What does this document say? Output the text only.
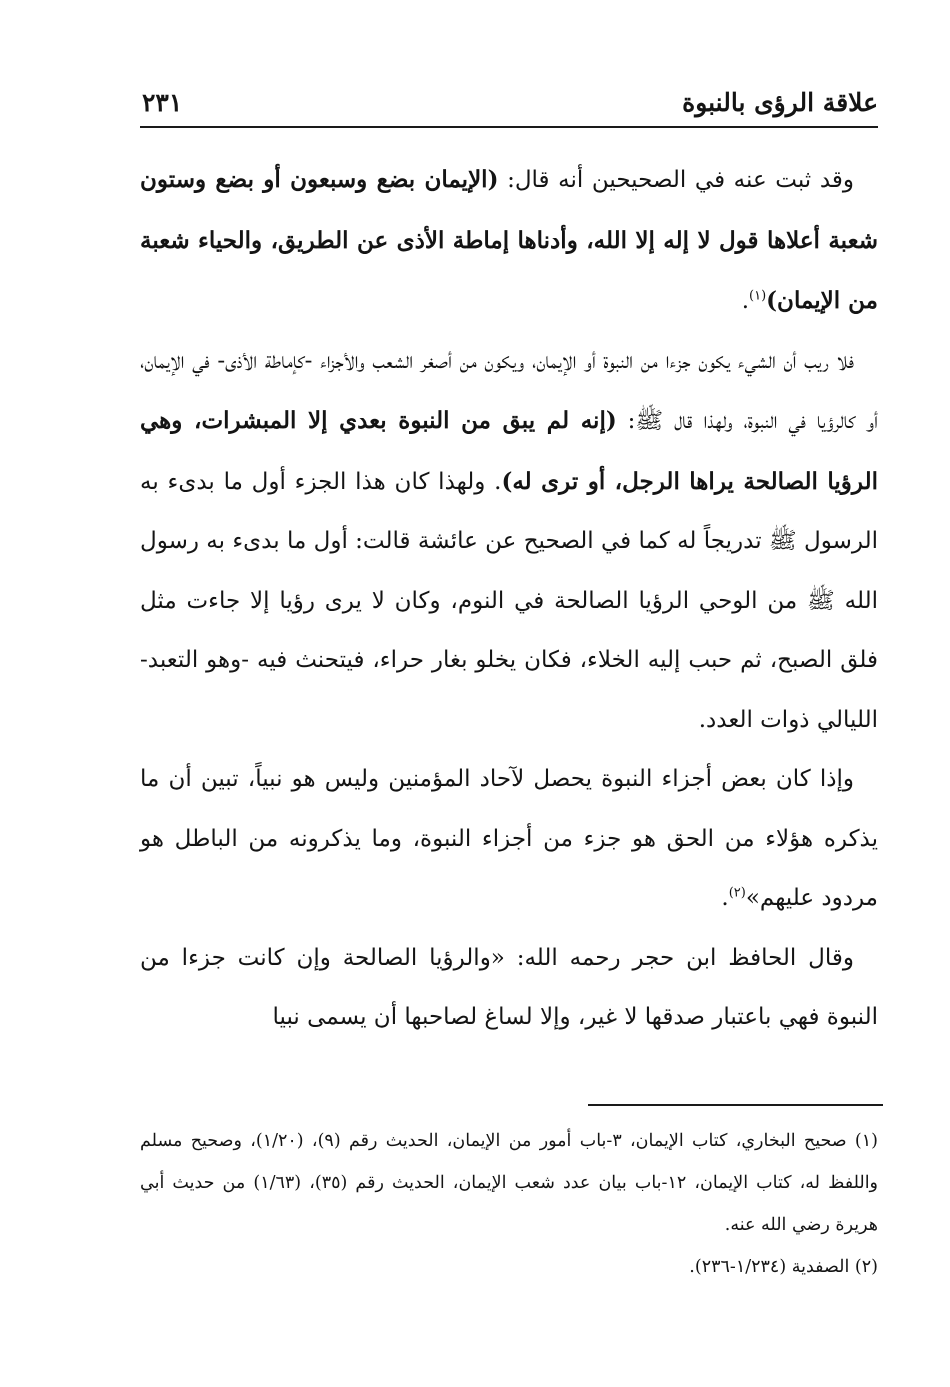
علاقة الرؤى بالنبوة
٢٣١

وقد ثبت عنه في الصحيحين أنه قال: (الإيمان بضع وسبعون أو بضع وستون شعبة أعلاها قول لا إله إلا الله، وأدناها إماطة الأذى عن الطريق، والحياء شعبة من الإيمان)$^{(١)}$.

فلا ريب أن الشيء يكون جزءا من النبوة أو الإيمان، ويكون من أصغر الشعب والأجزاء -كإماطة الأذى- في الإيمان، أو كالرؤيا في النبوة، ولهذا قال ﷺ: (إنه لم يبق من النبوة بعدي إلا المبشرات، وهي الرؤيا الصالحة يراها الرجل، أو ترى له). ولهذا كان هذا الجزء أول ما بدىء به الرسول ﷺ تدريجاً له كما في الصحيح عن عائشة قالت: أول ما بدىء به رسول الله ﷺ من الوحي الرؤيا الصالحة في النوم، وكان لا يرى رؤيا إلا جاءت مثل فلق الصبح، ثم حبب إليه الخلاء، فكان يخلو بغار حراء، فيتحنث فيه -وهو التعبد- الليالي ذوات العدد.

وإذا كان بعض أجزاء النبوة يحصل لآحاد المؤمنين وليس هو نبياً، تبين أن ما يذكره هؤلاء من الحق هو جزء من أجزاء النبوة، وما يذكرونه من الباطل هو مردود عليهم»$^{(٢)}$.

وقال الحافظ ابن حجر رحمه الله: «والرؤيا الصالحة وإن كانت جزءا من النبوة فهي باعتبار صدقها لا غير، وإلا لساغ لصاحبها أن يسمى نبيا

(١) صحيح البخاري، كتاب الإيمان، ٣-باب أمور من الإيمان، الحديث رقم (٩)، (١/٢٠)، وصحيح مسلم واللفظ له، كتاب الإيمان، ١٢-باب بيان عدد شعب الإيمان، الحديث رقم (٣٥)، (١/٦٣) من حديث أبي هريرة رضي الله عنه.

(٢) الصفدية (١/٢٣٤-٢٣٦).
